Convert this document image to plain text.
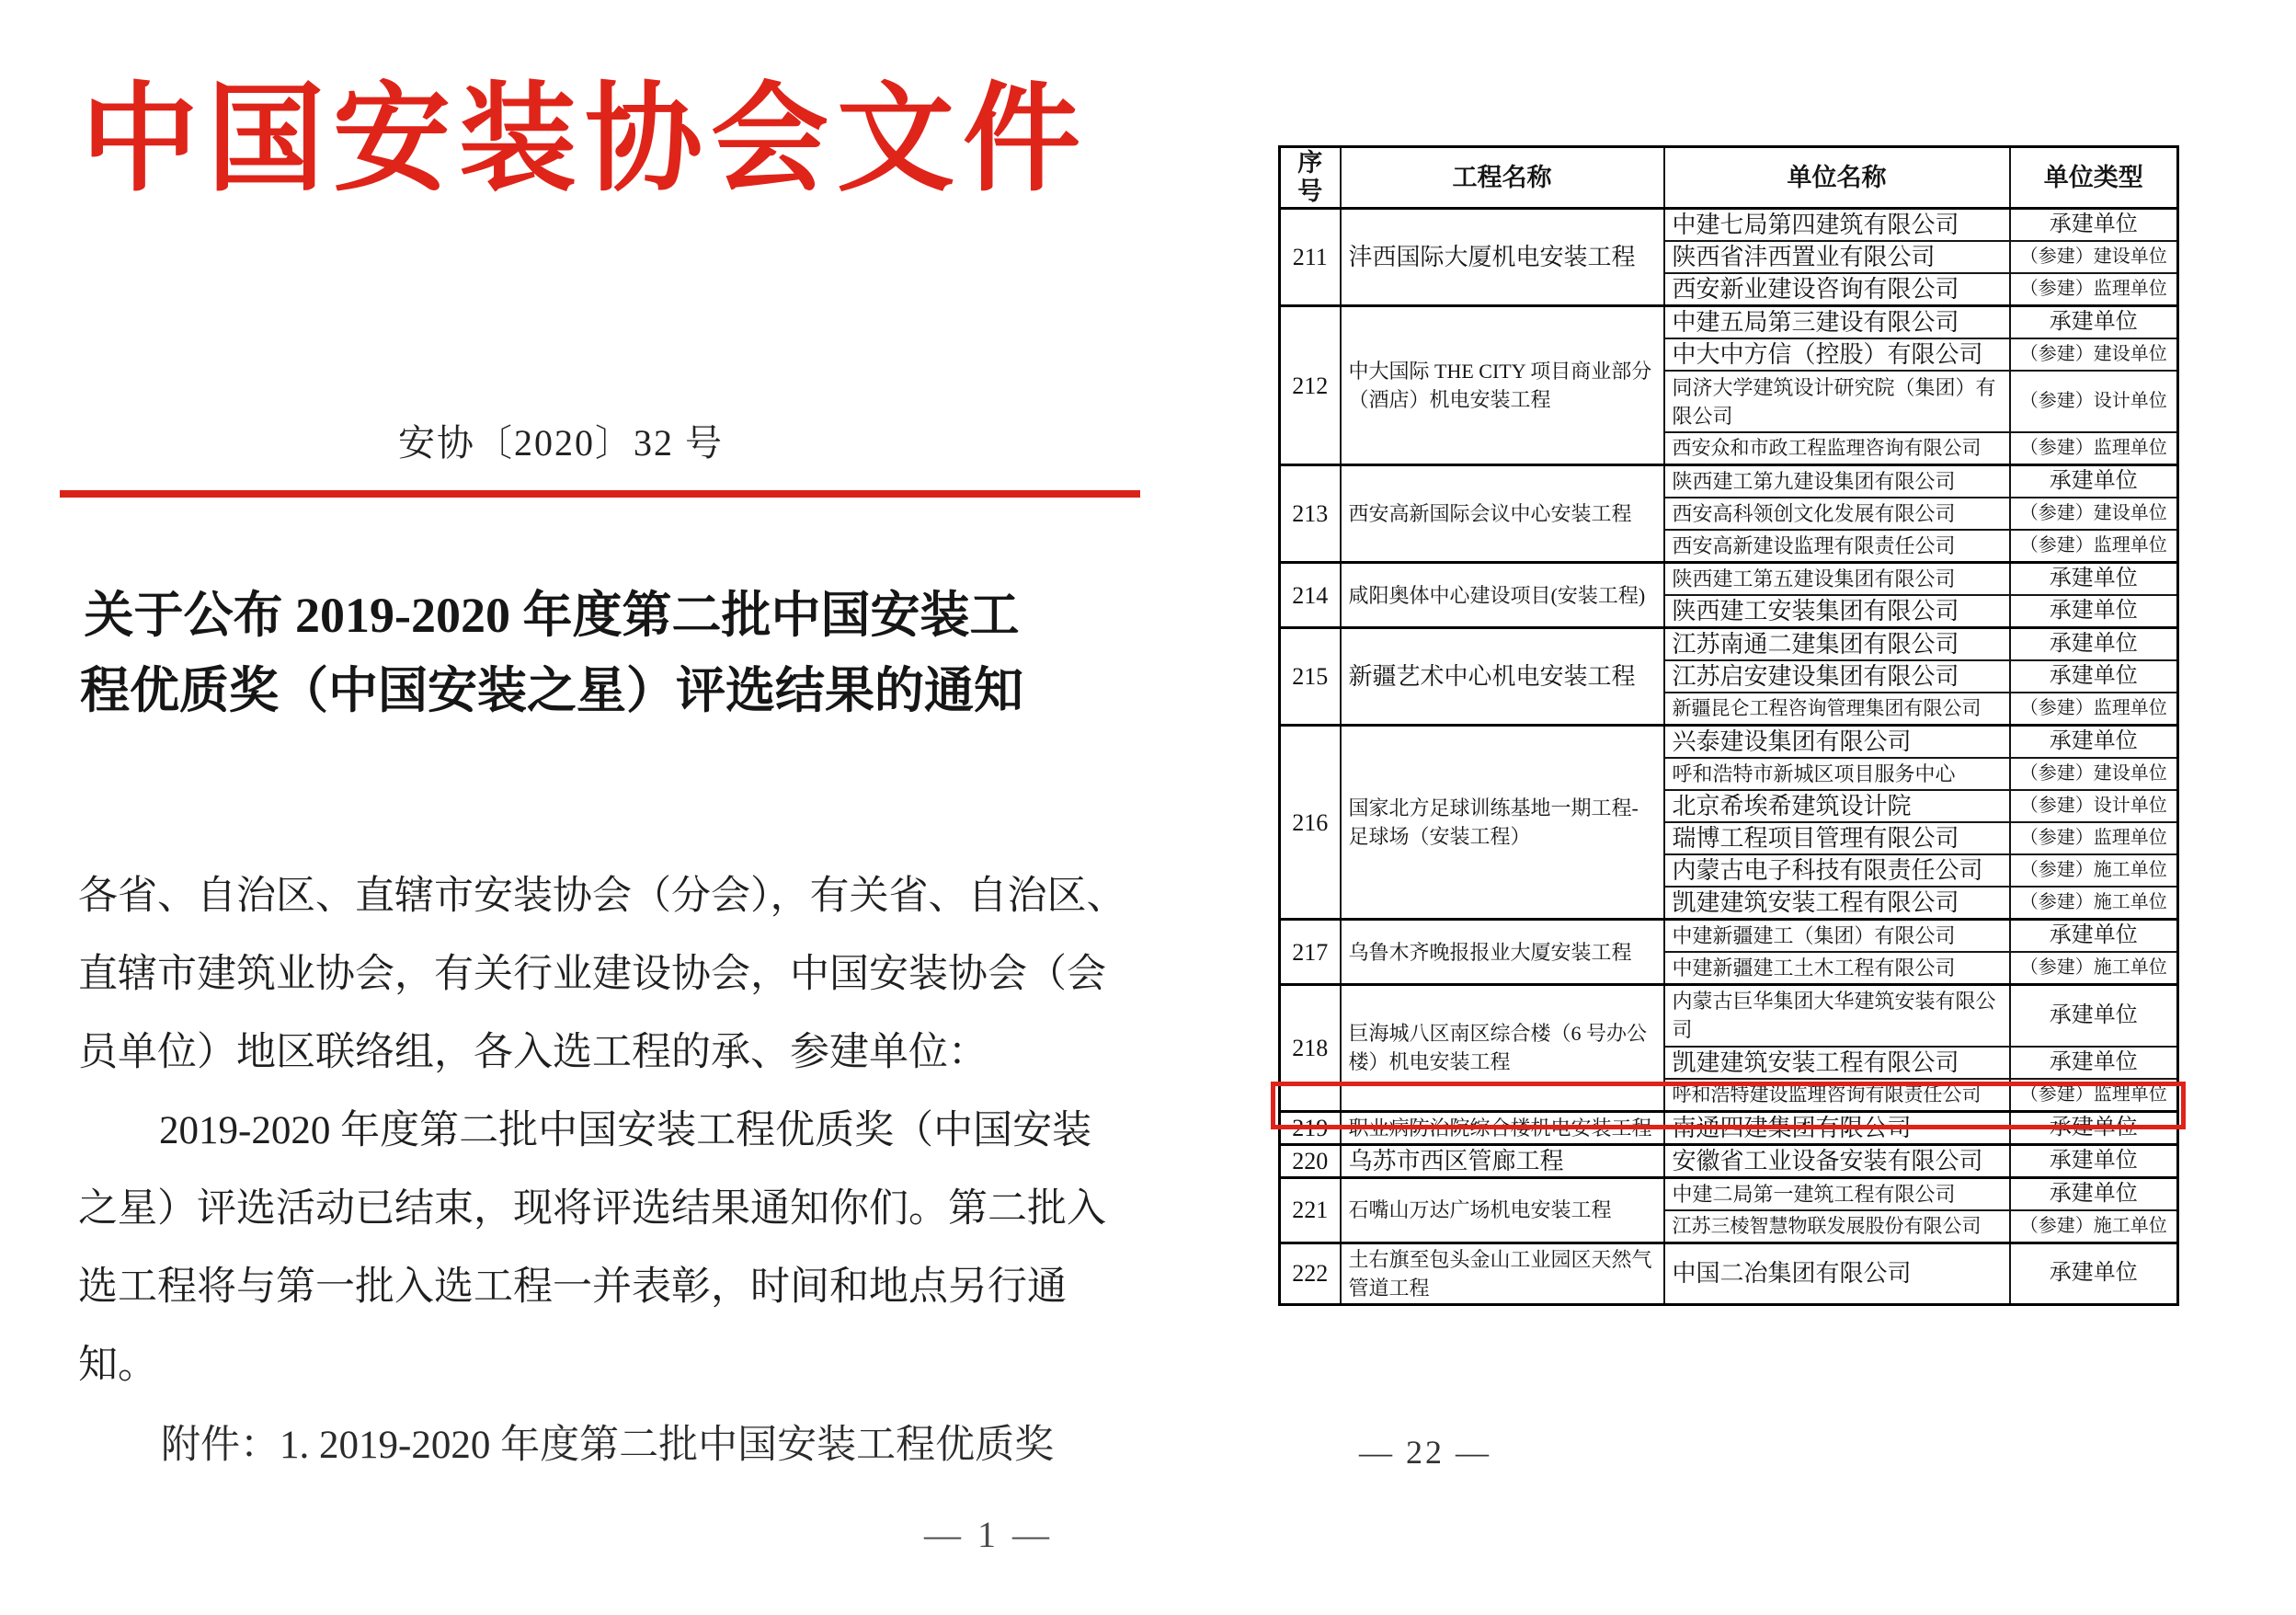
中国安装协会文件
安协〔2020〕32 号
关于公布 2019-2020 年度第二批中国安装工
程优质奖（中国安装之星）评选结果的通知
各省、自治区、直辖市安装协会（分会），有关省、自治区、
直辖市建筑业协会，有关行业建设协会，中国安装协会（会
员单位）地区联络组，各入选工程的承、参建单位：
2019-2020 年度第二批中国安装工程优质奖（中国安装
之星）评选活动已结束，现将评选结果通知你们。第二批入
选工程将与第一批入选工程一并表彰，时间和地点另行通
知。
附件：1. 2019-2020 年度第二批中国安装工程优质奖
— 1 —
序号	工程名称	单位名称	单位类型
211	沣西国际大厦机电安装工程	中建七局第四建筑有限公司	承建单位
		陕西省沣西置业有限公司	（参建）建设单位
		西安新业建设咨询有限公司	（参建）监理单位
212	中大国际 THE CITY 项目商业部分（酒店）机电安装工程	中建五局第三建设有限公司	承建单位
		中大中方信（控股）有限公司	（参建）建设单位
		同济大学建筑设计研究院（集团）有限公司	（参建）设计单位
		西安众和市政工程监理咨询有限公司	（参建）监理单位
213	西安高新国际会议中心安装工程	陕西建工第九建设集团有限公司	承建单位
		西安高科领创文化发展有限公司	（参建）建设单位
		西安高新建设监理有限责任公司	（参建）监理单位
214	咸阳奥体中心建设项目(安装工程)	陕西建工第五建设集团有限公司	承建单位
		陕西建工安装集团有限公司	承建单位
215	新疆艺术中心机电安装工程	江苏南通二建集团有限公司	承建单位
		江苏启安建设集团有限公司	承建单位
		新疆昆仑工程咨询管理集团有限公司	（参建）监理单位
216	国家北方足球训练基地一期工程-足球场（安装工程）	兴泰建设集团有限公司	承建单位
		呼和浩特市新城区项目服务中心	（参建）建设单位
		北京希埃希建筑设计院	（参建）设计单位
		瑞博工程项目管理有限公司	（参建）监理单位
		内蒙古电子科技有限责任公司	（参建）施工单位
		凯建建筑安装工程有限公司	（参建）施工单位
217	乌鲁木齐晚报报业大厦安装工程	中建新疆建工（集团）有限公司	承建单位
		中建新疆建工土木工程有限公司	（参建）施工单位
218	巨海城八区南区综合楼（6 号办公楼）机电安装工程	内蒙古巨华集团大华建筑安装有限公司	承建单位
		凯建建筑安装工程有限公司	承建单位
		呼和浩特建设监理咨询有限责任公司	（参建）监理单位
219	职业病防治院综合楼机电安装工程	南通四建集团有限公司	承建单位
220	乌苏市西区管廊工程	安徽省工业设备安装有限公司	承建单位
221	石嘴山万达广场机电安装工程	中建二局第一建筑工程有限公司	承建单位
		江苏三棱智慧物联发展股份有限公司	（参建）施工单位
222	土右旗至包头金山工业园区天然气管道工程	中国二冶集团有限公司	承建单位
— 22 —
